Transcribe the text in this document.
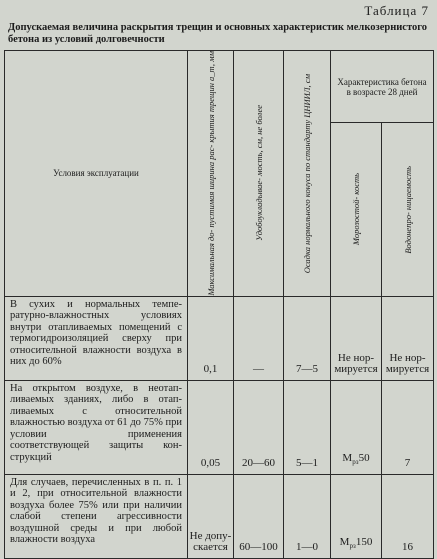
Таблица 7
Допускаемая величина раскрытия трещин и основных характеристик мелкозернистого бетона из условий долговечности
Условия эксплуатации	Максимальная до- пустимая ширина рас- крытия трещин a_т, мм	Удобоукладывае- мость, см, не более	Осадка нормального конуса по стандарту ЦНИИЛ, см	Характеристика бетона в возрасте 28 дней	

				Морозостой- кость	Водонепро- ницаемость

В сухих и нормальных темпе- ратурно-влажностных условиях внутри отапливаемых помещений с термогидроизоляцией сверху при относительной влажности воздуха в них до 60%	0,1	—	7—5	Не нор- мируется	Не нор- мируется
На открытом воздухе, в неотап- ливаемых зданиях, либо в отап- ливаемых с относительной влажностью воздуха от 61 до 75% при условии применения соответствующей защиты кон- струкций	0,05	20—60	5—1	$M_{рз}50$	7
Для случаев, перечисленных в п. п. 1 и 2, при относительной влажности воздуха более 75% или при наличии слабой степени агрессивности воздушной среды и при любой влажности воздуха	Не допу- скается	60—100	1—0	$M_{рз}150$	16
